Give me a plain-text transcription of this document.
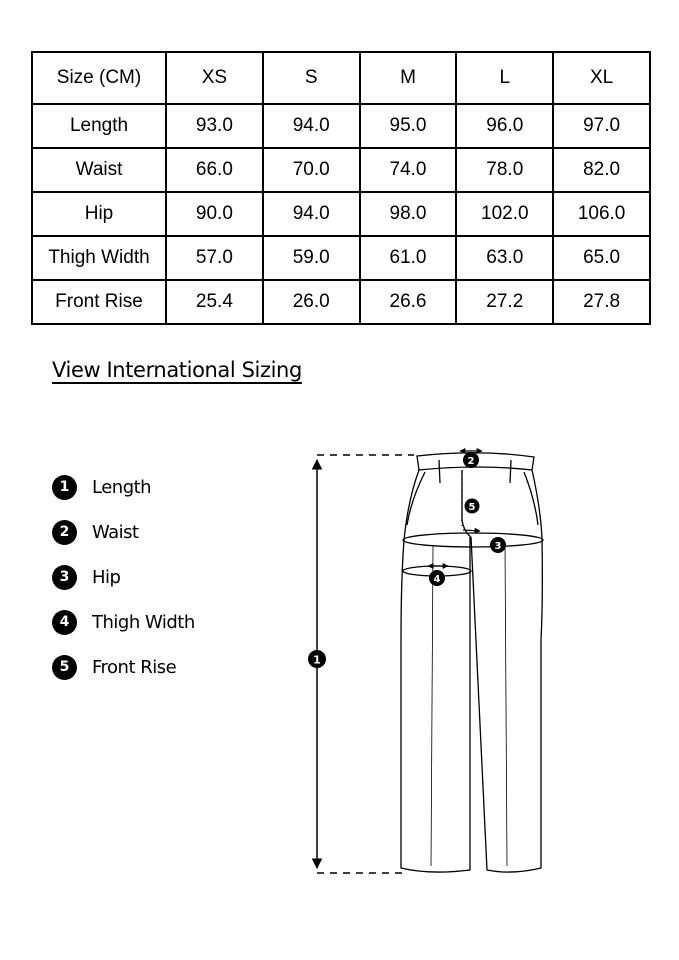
Size (CM)	XS	S	M	L	XL
Length	93.0	94.0	95.0	96.0	97.0
Waist	66.0	70.0	74.0	78.0	82.0
Hip	90.0	94.0	98.0	102.0	106.0
Thigh Width	57.0	59.0	61.0	63.0	65.0
Front Rise	25.4	26.0	26.6	27.2	27.8
View International Sizing
1	Length
2	Waist
3	Hip
4	Thigh Width
5	Front Rise	1
2
3
4
5
